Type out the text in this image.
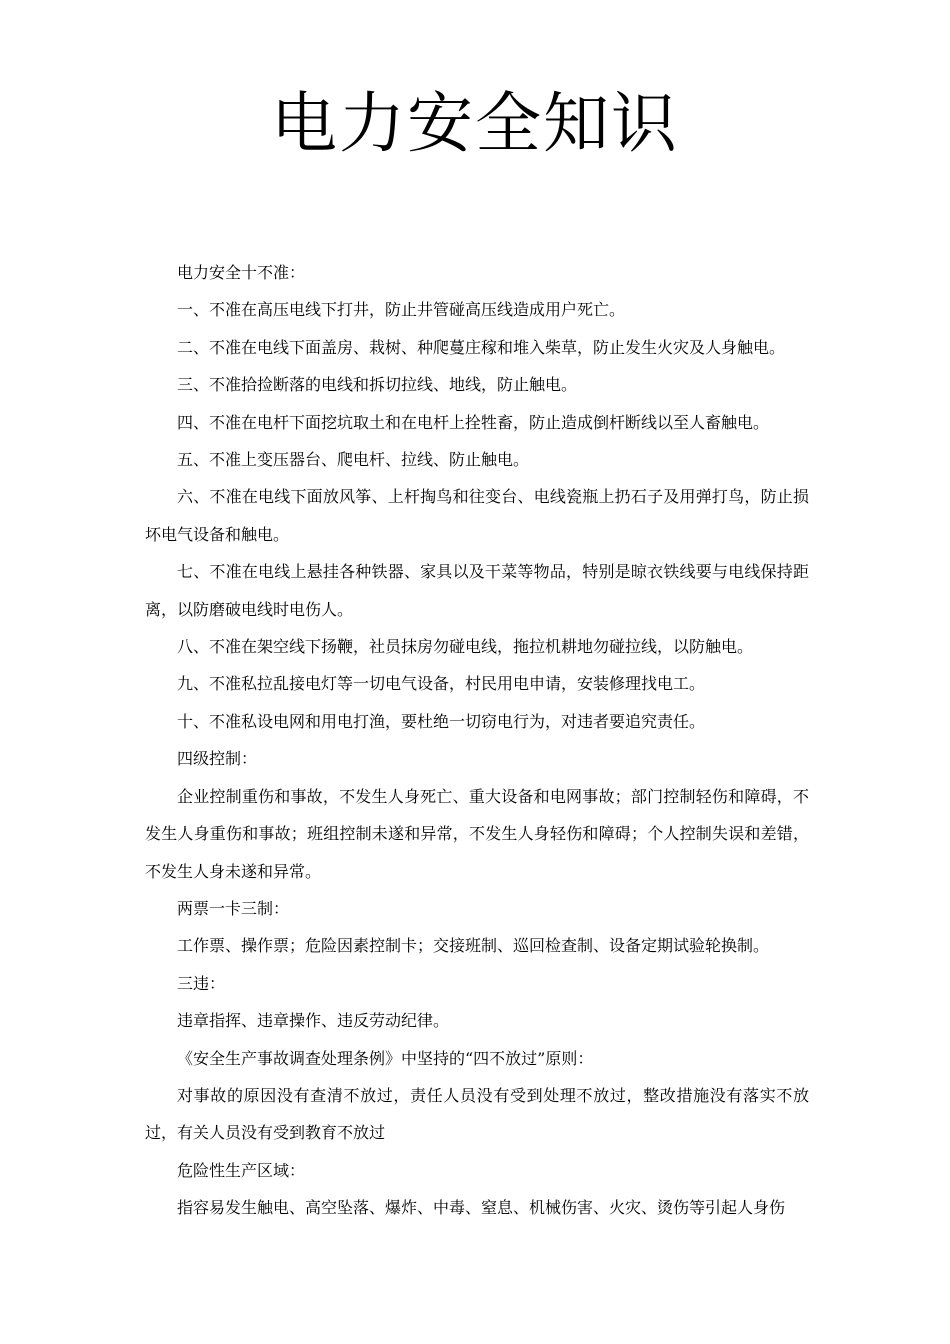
电力安全知识

电力安全十不准：

一、不准在高压电线下打井，防止井管碰高压线造成用户死亡。

二、不准在电线下面盖房、栽树、种爬蔓庄稼和堆入柴草，防止发生火灾及人身触电。

三、不准拾捡断落的电线和拆切拉线、地线，防止触电。

四、不准在电杆下面挖坑取土和在电杆上拴牲畜，防止造成倒杆断线以至人畜触电。

五、不准上变压器台、爬电杆、拉线、防止触电。

六、不准在电线下面放风筝、上杆掏鸟和往变台、电线瓷瓶上扔石子及用弹打鸟，防止损坏电气设备和触电。

七、不准在电线上悬挂各种铁器、家具以及干菜等物品，特别是晾衣铁线要与电线保持距离，以防磨破电线时电伤人。

八、不准在架空线下扬鞭，社员抹房勿碰电线，拖拉机耕地勿碰拉线，以防触电。

九、不准私拉乱接电灯等一切电气设备，村民用电申请，安装修理找电工。

十、不准私设电网和用电打渔，要杜绝一切窃电行为，对违者要追究责任。

四级控制：

企业控制重伤和事故，不发生人身死亡、重大设备和电网事故；部门控制轻伤和障碍，不发生人身重伤和事故；班组控制未遂和异常，不发生人身轻伤和障碍；个人控制失误和差错，不发生人身未遂和异常。

两票一卡三制：

工作票、操作票；危险因素控制卡；交接班制、巡回检查制、设备定期试验轮换制。

三违：

违章指挥、违章操作、违反劳动纪律。

《安全生产事故调查处理条例》中坚持的“四不放过”原则：

对事故的原因没有查清不放过，责任人员没有受到处理不放过，整改措施没有落实不放过，有关人员没有受到教育不放过

危险性生产区域：

指容易发生触电、高空坠落、爆炸、中毒、窒息、机械伤害、火灾、烫伤等引起人身伤
